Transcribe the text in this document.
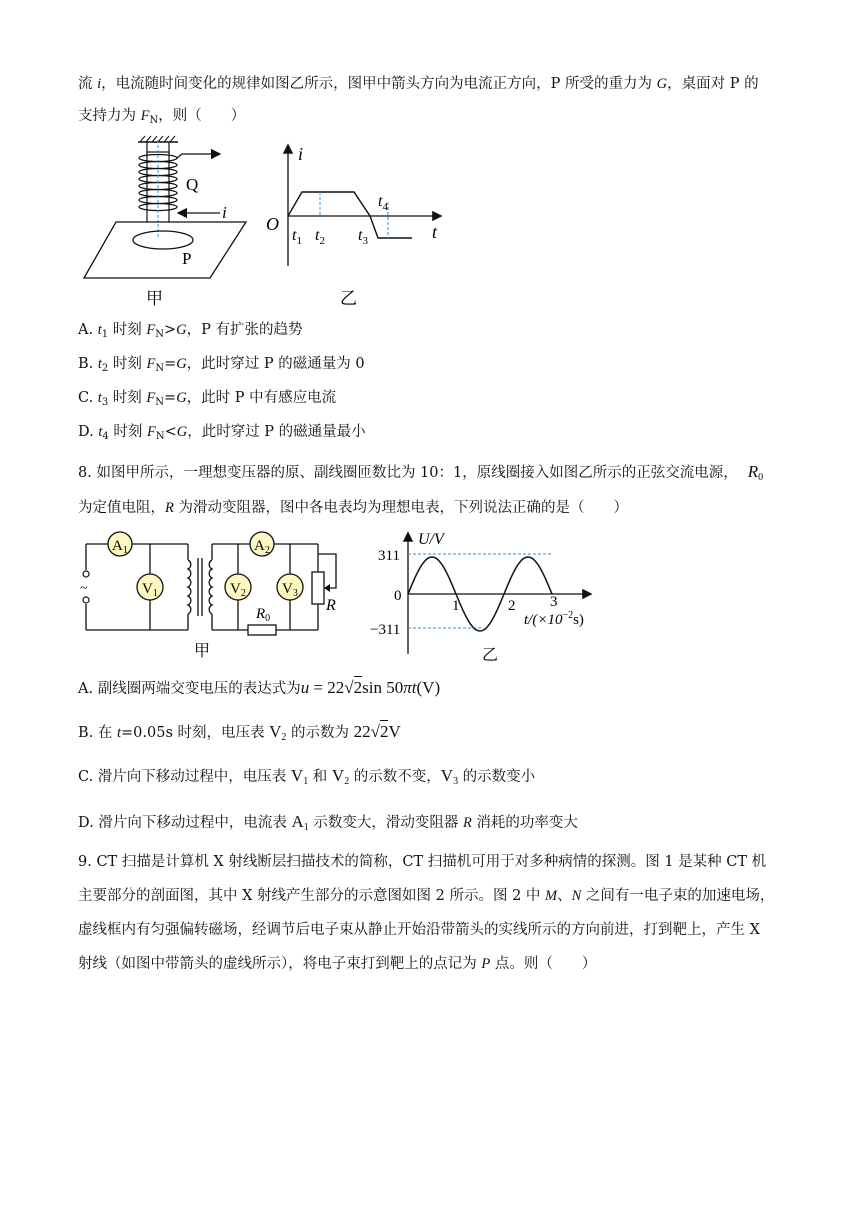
流 i，电流随时间变化的规律如图乙所示，图甲中箭头方向为电流正方向，P 所受的重力为 G，桌面对 P 的
支持力为 $F_N$，则（　　）
i
Q
P
甲
i
O	t
$t_1$ $t_2$ $t_3$
$t_4$
乙
A. $t_1$ 时刻 $F_N>G$，P 有扩张的趋势
B. $t_2$ 时刻 $F_N=G$，此时穿过 P 的磁通量为 0
C. $t_3$ 时刻 $F_N=G$，此时 P 中有感应电流
D. $t_4$ 时刻 $F_N<G$，此时穿过 P 的磁通量最小
8. 如图甲所示，一理想变压器的原、副线圈匝数比为 10：1，原线圈接入如图乙所示的正弦交流电源， $R_0$
为定值电阻，R 为滑动变阻器，图中各电表均为理想电表，下列说法正确的是（　　）
~
$A_1$
$V_1$
$A_2$
$V_2$ $V_3$
$R_0$
R
甲
U/V
311
0
−311
1	2 3
$t/(\times 10^{-2}s)$
乙
A. 副线圈两端交变电压的表达式为u = 22√2sin 50πt(V)
B. 在 t=0.05s 时刻，电压表 $V_2$ 的示数为 22√2V
C. 滑片向下移动过程中，电压表 $V_1$ 和 $V_2$ 的示数不变，$V_3$ 的示数变小
D. 滑片向下移动过程中，电流表 $A_1$ 示数变大，滑动变阻器 R 消耗的功率变大
9. CT 扫描是计算机 X 射线断层扫描技术的简称，CT 扫描机可用于对多种病情的探测。图 1 是某种 CT 机
主要部分的剖面图，其中 X 射线产生部分的示意图如图 2 所示。图 2 中 M、N 之间有一电子束的加速电场，
虚线框内有匀强偏转磁场，经调节后电子束从静止开始沿带箭头的实线所示的方向前进，打到靶上，产生 X
射线（如图中带箭头的虚线所示），将电子束打到靶上的点记为 P 点。则（　　）
